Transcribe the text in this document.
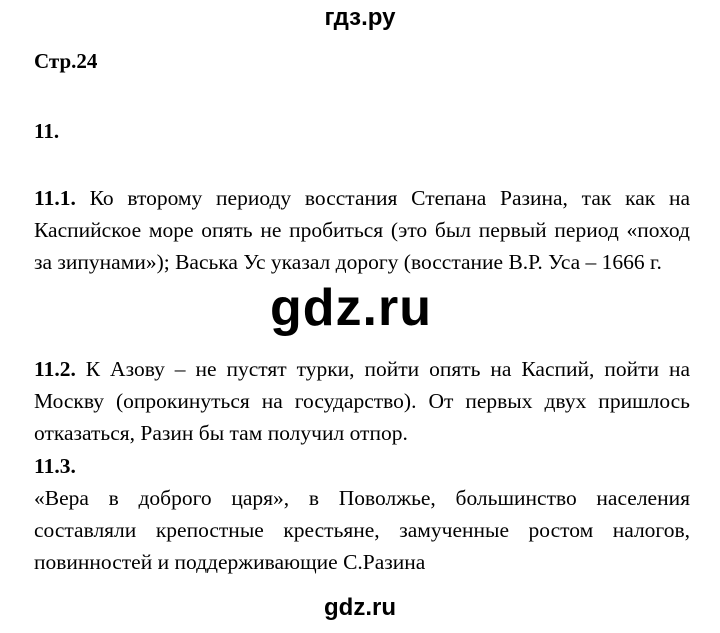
гдз.ру
Стр.24
11.
11.1. Ко второму периоду восстания Степана Разина, так как на Каспийское море опять не пробиться (это был первый период «поход за зипунами»); Васька Ус указал дорогу (восстание В.Р. Уса – 1666 г.
gdz.ru
11.2. К Азову – не пустят турки, пойти опять на Каспий, пойти на Москву (опрокинуться на государство). От первых двух пришлось отказаться, Разин бы там получил отпор.
11.3.
«Вера в доброго царя», в Поволжье, большинство населения составляли крепостные крестьяне, замученные ростом налогов, повинностей и поддерживающие С.Разина
gdz.ru
